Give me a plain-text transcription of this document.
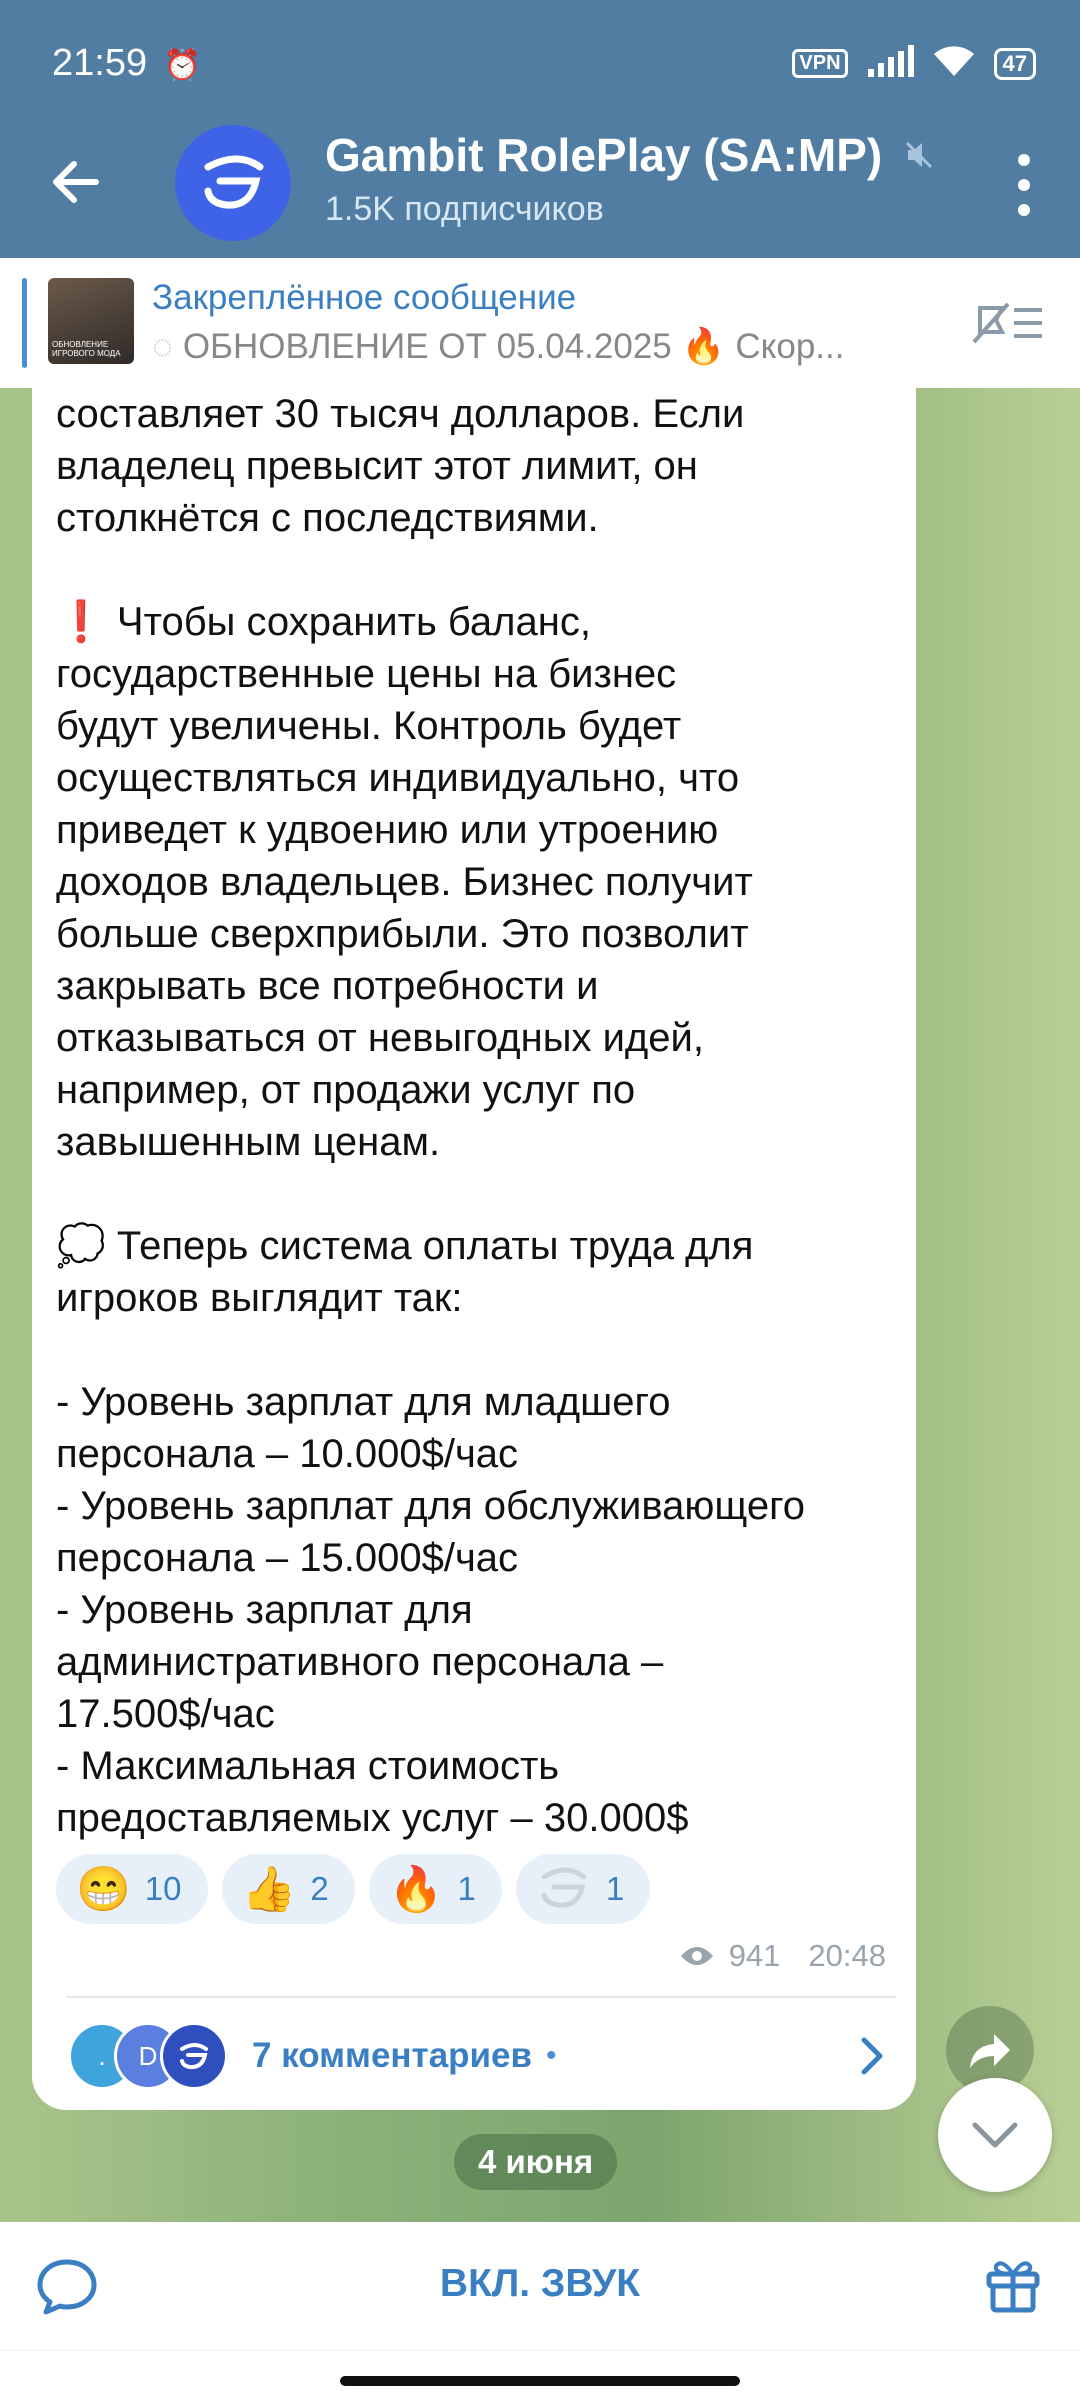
21:59 ⏰	VPN	47
Gambit RolePlay (SA:MP)
1.5K подписчиков
ОБНОВЛЕНИЕ ИГРОВОГО МОДА
Закреплённое сообщение
◌ ОБНОВЛЕНИЕ ОТ 05.04.2025 🔥 Скор...
составляет 30 тысяч долларов. Если
владелец превысит этот лимит, он
столкнётся с последствиями.

❗ Чтобы сохранить баланс,
государственные цены на бизнес
будут увеличены. Контроль будет
осуществляться индивидуально, что
приведет к удвоению или утроению
доходов владельцев. Бизнес получит
больше сверхприбыли. Это позволит
закрывать все потребности и
отказываться от невыгодных идей,
например, от продажи услуг по
завышенным ценам.

💭 Теперь система оплаты труда для
игроков выглядит так:

- Уровень зарплат для младшего
персонала – 10.000$/час
- Уровень зарплат для обслуживающего
персонала – 15.000$/час
- Уровень зарплат для
административного персонала –
17.500$/час
- Максимальная стоимость
предоставляемых услуг – 30.000$
😁 10 👍 2 🔥 1	1
941 20:48
.	D	7 комментариев •
4 июня
ВКЛ. ЗВУК
